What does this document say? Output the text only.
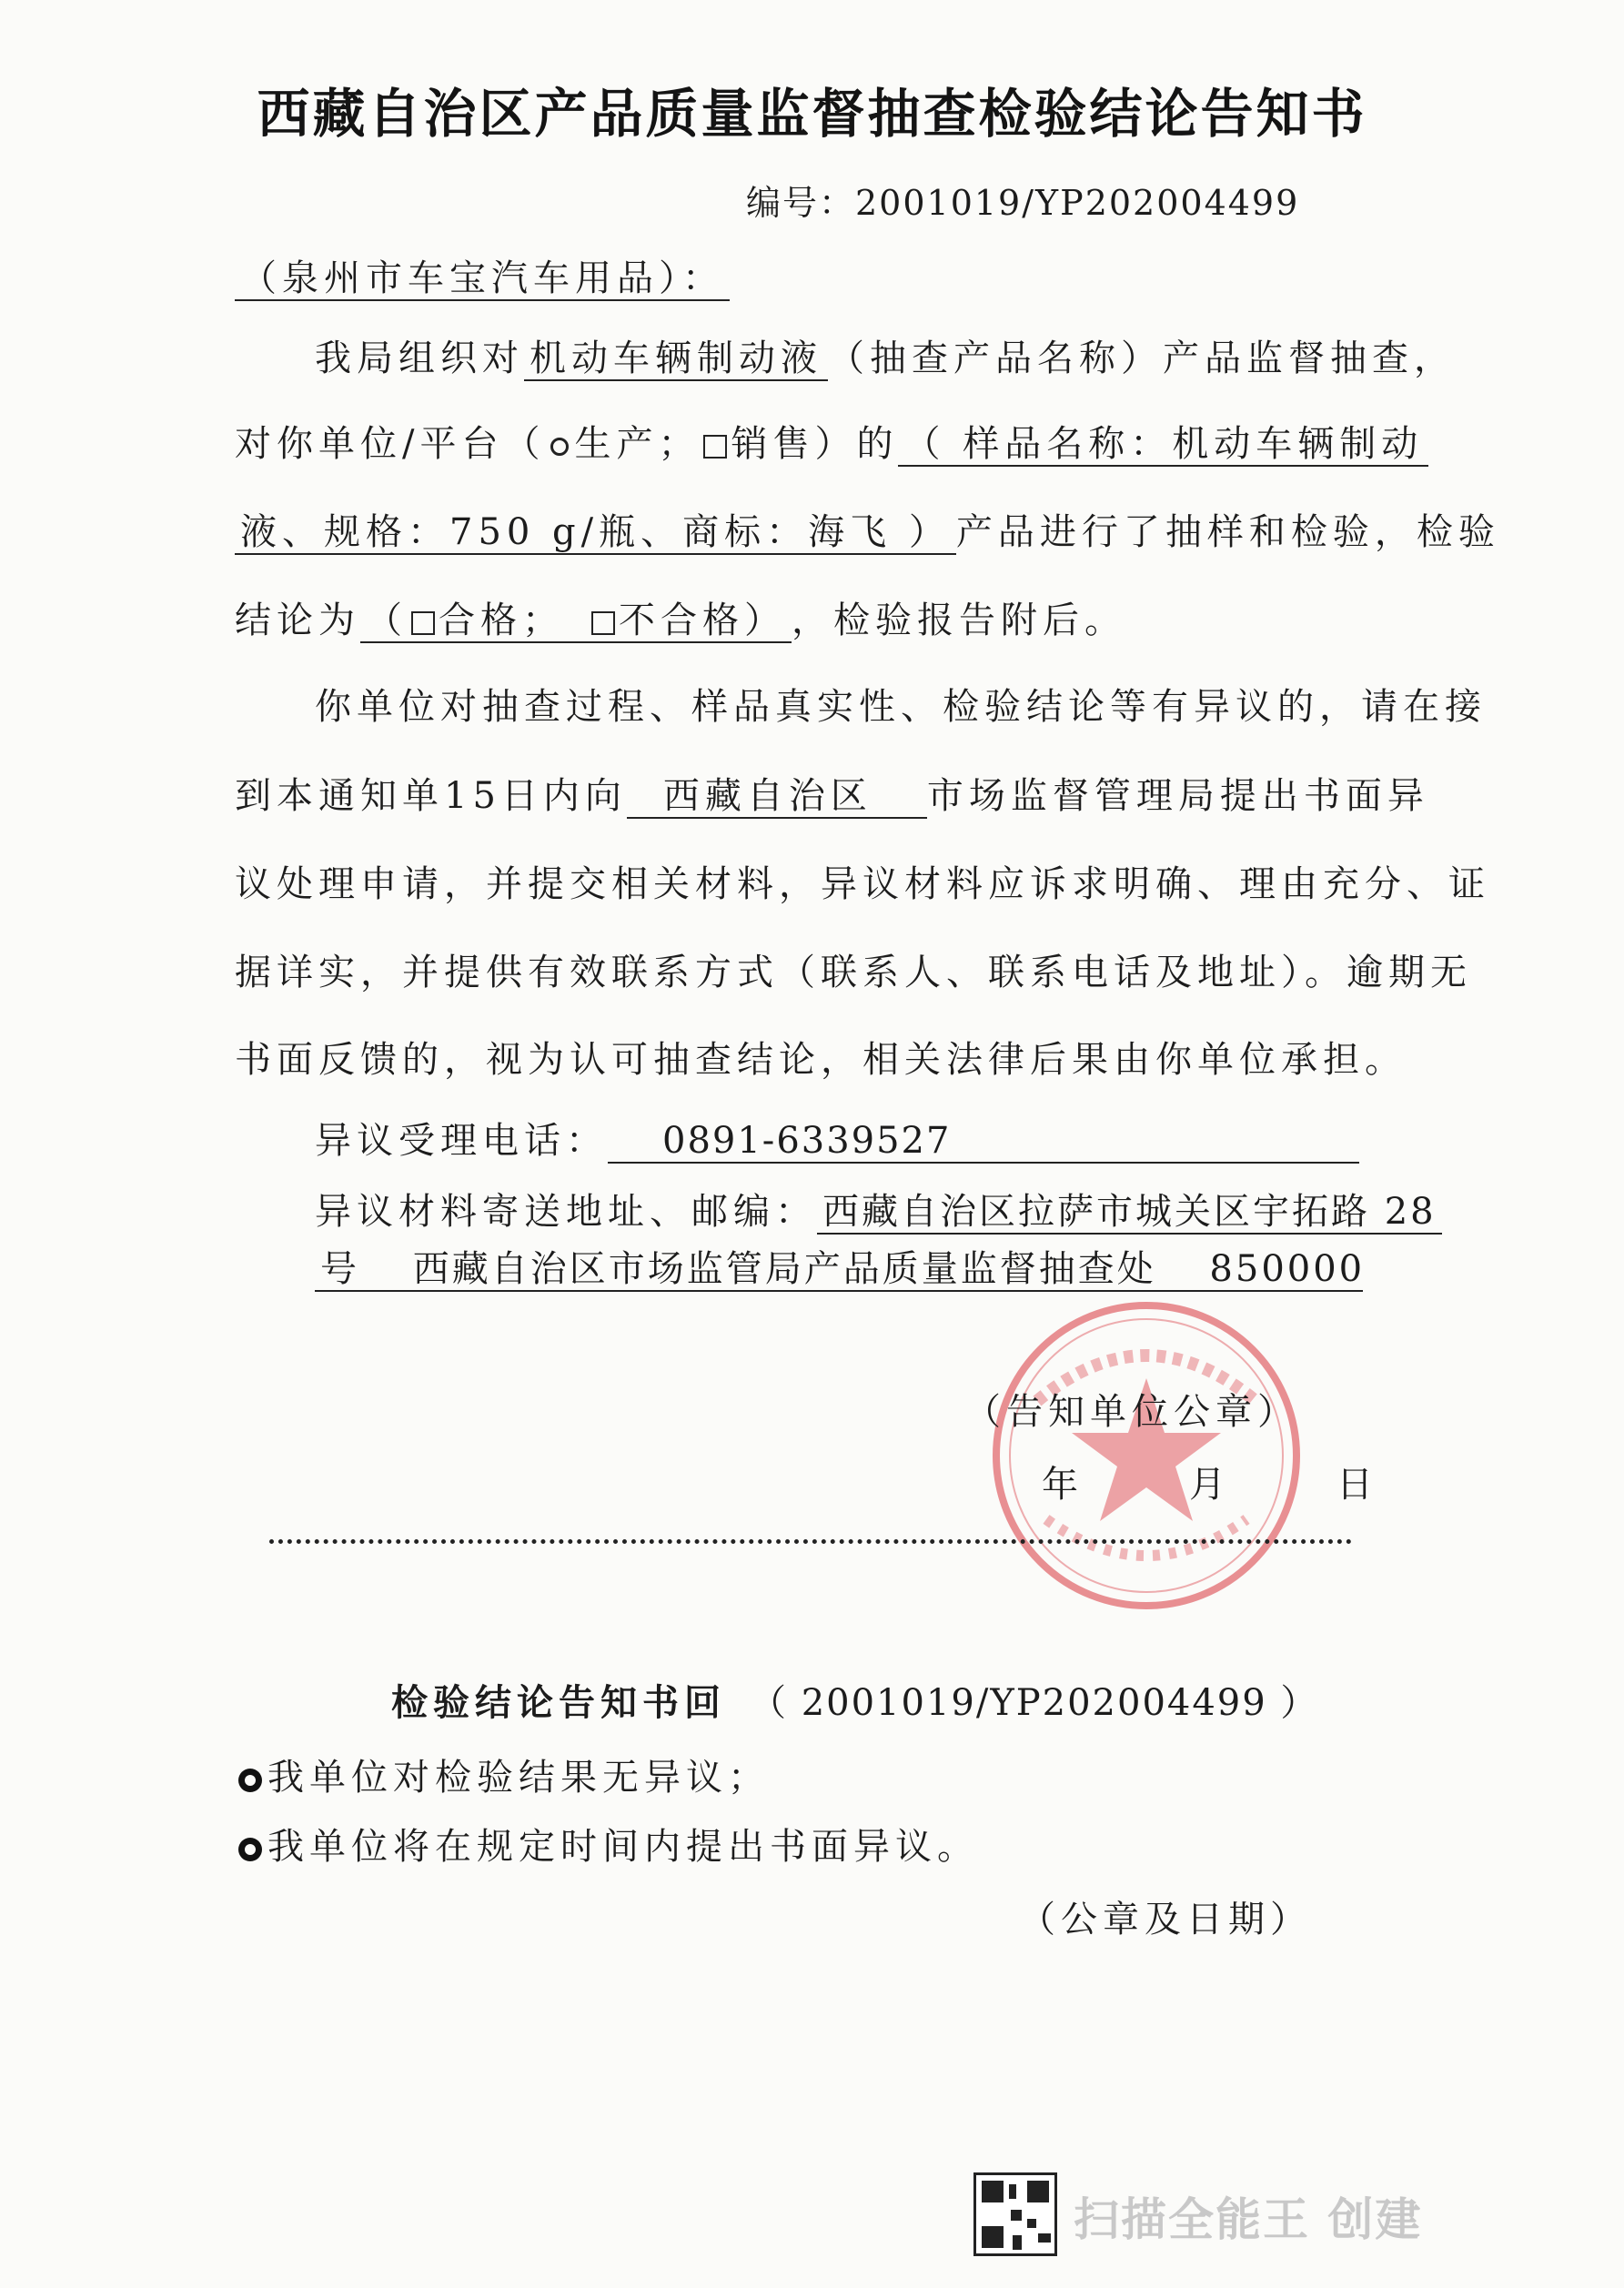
西藏自治区产品质量监督抽查检验结论告知书
编号：2001019/YP202004499
（泉州市车宝汽车用品）：
我局组织对 机动车辆制动液 （抽查产品名称）产品监督抽查，
对你单位/平台（ 生产； 销售）的 （ 样品名称：机动车辆制动
液、规格：750 g/瓶、商标：海飞 ） 产品进行了抽样和检验，检验
结论为 （ 合格；　 不合格） ，检验报告附后。
你单位对抽查过程、样品真实性、检验结论等有异议的，请在接
到本通知单15日内向 西藏自治区 市场监督管理局提出书面异
议处理申请，并提交相关材料，异议材料应诉求明确、理由充分、证
据详实，并提供有效联系方式（联系人、联系电话及地址）。逾期无
书面反馈的，视为认可抽查结论，相关法律后果由你单位承担。
异议受理电话： 0891-6339527
异议材料寄送地址、邮编： 西藏自治区拉萨市城关区宇拓路 28
号　 西藏自治区市场监管局产品质量监督抽查处　 850000
（告知单位公章）
年　　月　　日
检验结论告知书回　 （ 2001019/YP202004499 ）
我单位对检验结果无异议；
我单位将在规定时间内提出书面异议。
（公章及日期）
扫描全能王 创建
